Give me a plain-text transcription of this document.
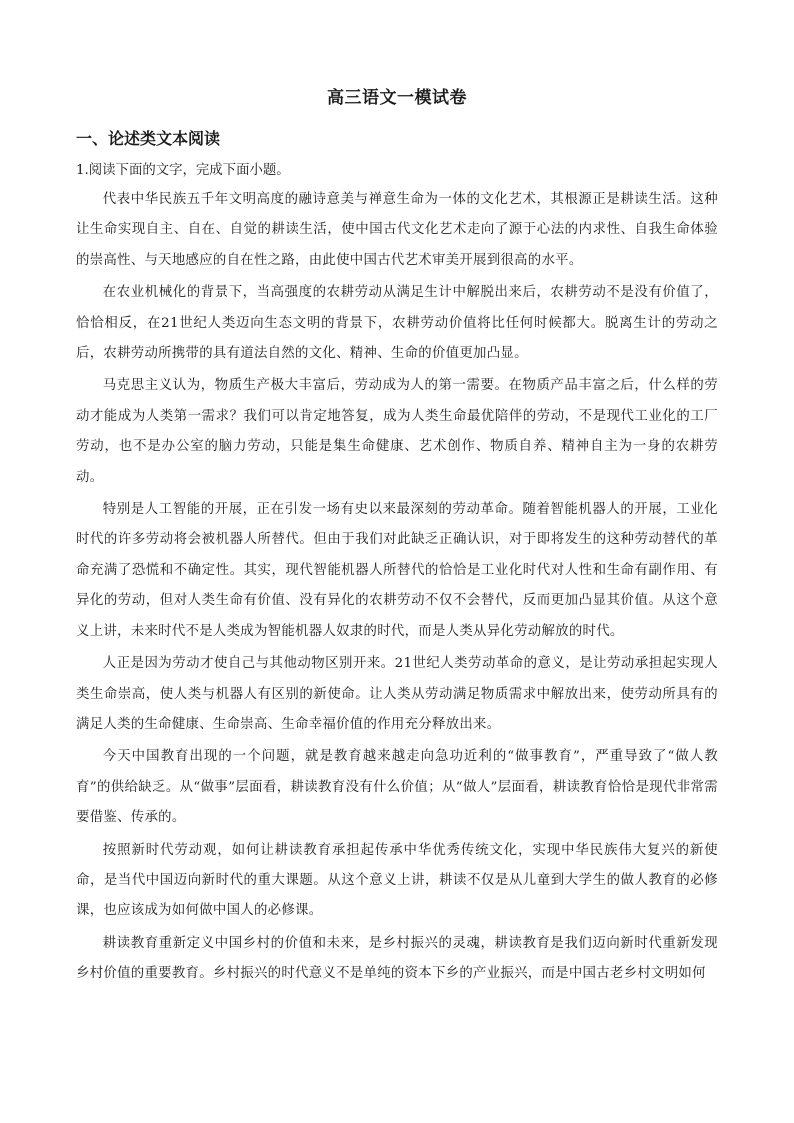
高三语文一模试卷
一、论述类文本阅读
1.阅读下面的文字，完成下面小题。

代表中华民族五千年文明高度的融诗意美与禅意生命为一体的文化艺术，其根源正是耕读生活。这种让生命实现自主、自在、自觉的耕读生活，使中国古代文化艺术走向了源于心法的内求性、自我生命体验的崇高性、与天地感应的自在性之路，由此使中国古代艺术审美开展到很高的水平。

在农业机械化的背景下，当高强度的农耕劳动从满足生计中解脱出来后，农耕劳动不是没有价值了，恰恰相反，在21世纪人类迈向生态文明的背景下，农耕劳动价值将比任何时候都大。脱离生计的劳动之后，农耕劳动所携带的具有道法自然的文化、精神、生命的价值更加凸显。

马克思主义认为，物质生产极大丰富后，劳动成为人的第一需要。在物质产品丰富之后，什么样的劳动才能成为人类第一需求？我们可以肯定地答复，成为人类生命最优陪伴的劳动，不是现代工业化的工厂劳动，也不是办公室的脑力劳动，只能是集生命健康、艺术创作、物质自养、精神自主为一身的农耕劳动。

特别是人工智能的开展，正在引发一场有史以来最深刻的劳动革命。随着智能机器人的开展，工业化时代的许多劳动将会被机器人所替代。但由于我们对此缺乏正确认识，对于即将发生的这种劳动替代的革命充满了恐慌和不确定性。其实，现代智能机器人所替代的恰恰是工业化时代对人性和生命有副作用、有异化的劳动，但对人类生命有价值、没有异化的农耕劳动不仅不会替代，反而更加凸显其价值。从这个意义上讲，未来时代不是人类成为智能机器人奴隶的时代，而是人类从异化劳动解放的时代。

人正是因为劳动才使自己与其他动物区别开来。21世纪人类劳动革命的意义，是让劳动承担起实现人类生命崇高，使人类与机器人有区别的新使命。让人类从劳动满足物质需求中解放出来，使劳动所具有的满足人类的生命健康、生命崇高、生命幸福价值的作用充分释放出来。

今天中国教育出现的一个问题，就是教育越来越走向急功近利的“做事教育”，严重导致了“做人教育”的供给缺乏。从“做事”层面看，耕读教育没有什么价值；从“做人”层面看，耕读教育恰恰是现代非常需要借鉴、传承的。

按照新时代劳动观，如何让耕读教育承担起传承中华优秀传统文化，实现中华民族伟大复兴的新使命，是当代中国迈向新时代的重大课题。从这个意义上讲，耕读不仅是从儿童到大学生的做人教育的必修课，也应该成为如何做中国人的必修课。

耕读教育重新定义中国乡村的价值和未来，是乡村振兴的灵魂，耕读教育是我们迈向新时代重新发现乡村价值的重要教育。乡村振兴的时代意义不是单纯的资本下乡的产业振兴，而是中国古老乡村文明如何
